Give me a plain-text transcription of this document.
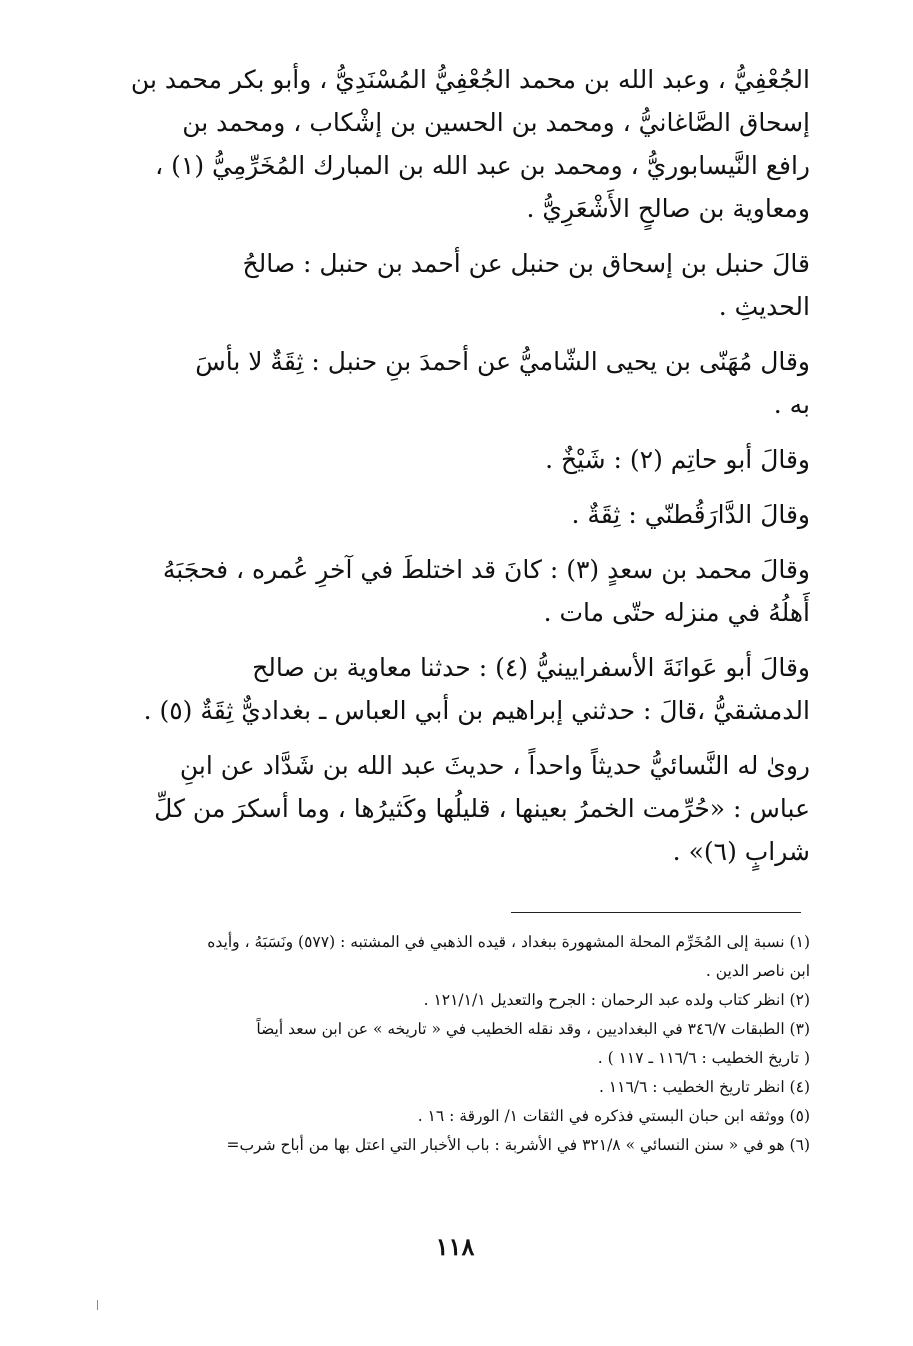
الجُعْفِيُّ ، وعبد الله بن محمد الجُعْفِيُّ المُسْنَدِيُّ ، وأبو بكر محمد بن
إسحاق الصَّاغانيُّ ، ومحمد بن الحسين بن إشْكاب ، ومحمد بن
رافع النَّيسابوريُّ ، ومحمد بن عبد الله بن المبارك المُخَرِّمِيُّ (١) ،
ومعاوية بن صالحٍ الأَشْعَرِيُّ .

قالَ حنبل بن إسحاق بن حنبل عن أحمد بن حنبل : صالحُ
الحديثِ .

وقال مُهَنّى بن يحيى الشّاميُّ عن أحمدَ بنِ حنبل : ثِقَةٌ لا بأسَ
به .

وقالَ أبو حاتِم (٢) : شَيْخٌ .

وقالَ الدَّارَقُطنّي : ثِقَةٌ .

وقالَ محمد بن سعدٍ (٣) : كانَ قد اختلطَ في آخرِ عُمره ، فحجَبَهُ
أَهلُهُ في منزله حتّى مات .

وقالَ أبو عَوانَةَ الأسفرايينيُّ (٤) : حدثنا معاوية بن صالح
الدمشقيُّ ،قالَ : حدثني إبراهيم بن أبي العباس ـ بغداديٌّ ثِقَةٌ (٥) .

روىٰ له النَّسائيُّ حديثاً واحداً ، حديثَ عبد الله بن شَدَّاد عن ابنِ
عباس : «حُرِّمت الخمرُ بعينها ، قليلُها وكَثيرُها ، وما أسكرَ من كلِّ
شرابٍ (٦)» .

(١) نسبة إلى المُخَرِّم المحلة المشهورة ببغداد ، قيده الذهبي في المشتبه : (٥٧٧) ونَسَبَهُ ، وأيده
ابن ناصر الدين .
(٢) انظر كتاب ولده عبد الرحمان : الجرح والتعديل ١٢١/١/١ .
(٣) الطبقات ٣٤٦/٧ في البغداديين ، وقد نقله الخطيب في « تاريخه » عن ابن سعد أيضاً
( تاريخ الخطيب : ١١٦/٦ ـ ١١٧ ) .
(٤) انظر تاريخ الخطيب : ١١٦/٦ .
(٥) ووثقه ابن حبان البستي فذكره في الثقات ١/ الورقة : ١٦ .
(٦) هو في « سنن النسائي » ٣٢١/٨ في الأشربة : باب الأخبار التي اعتل بها من أباح شرب=
١١٨
